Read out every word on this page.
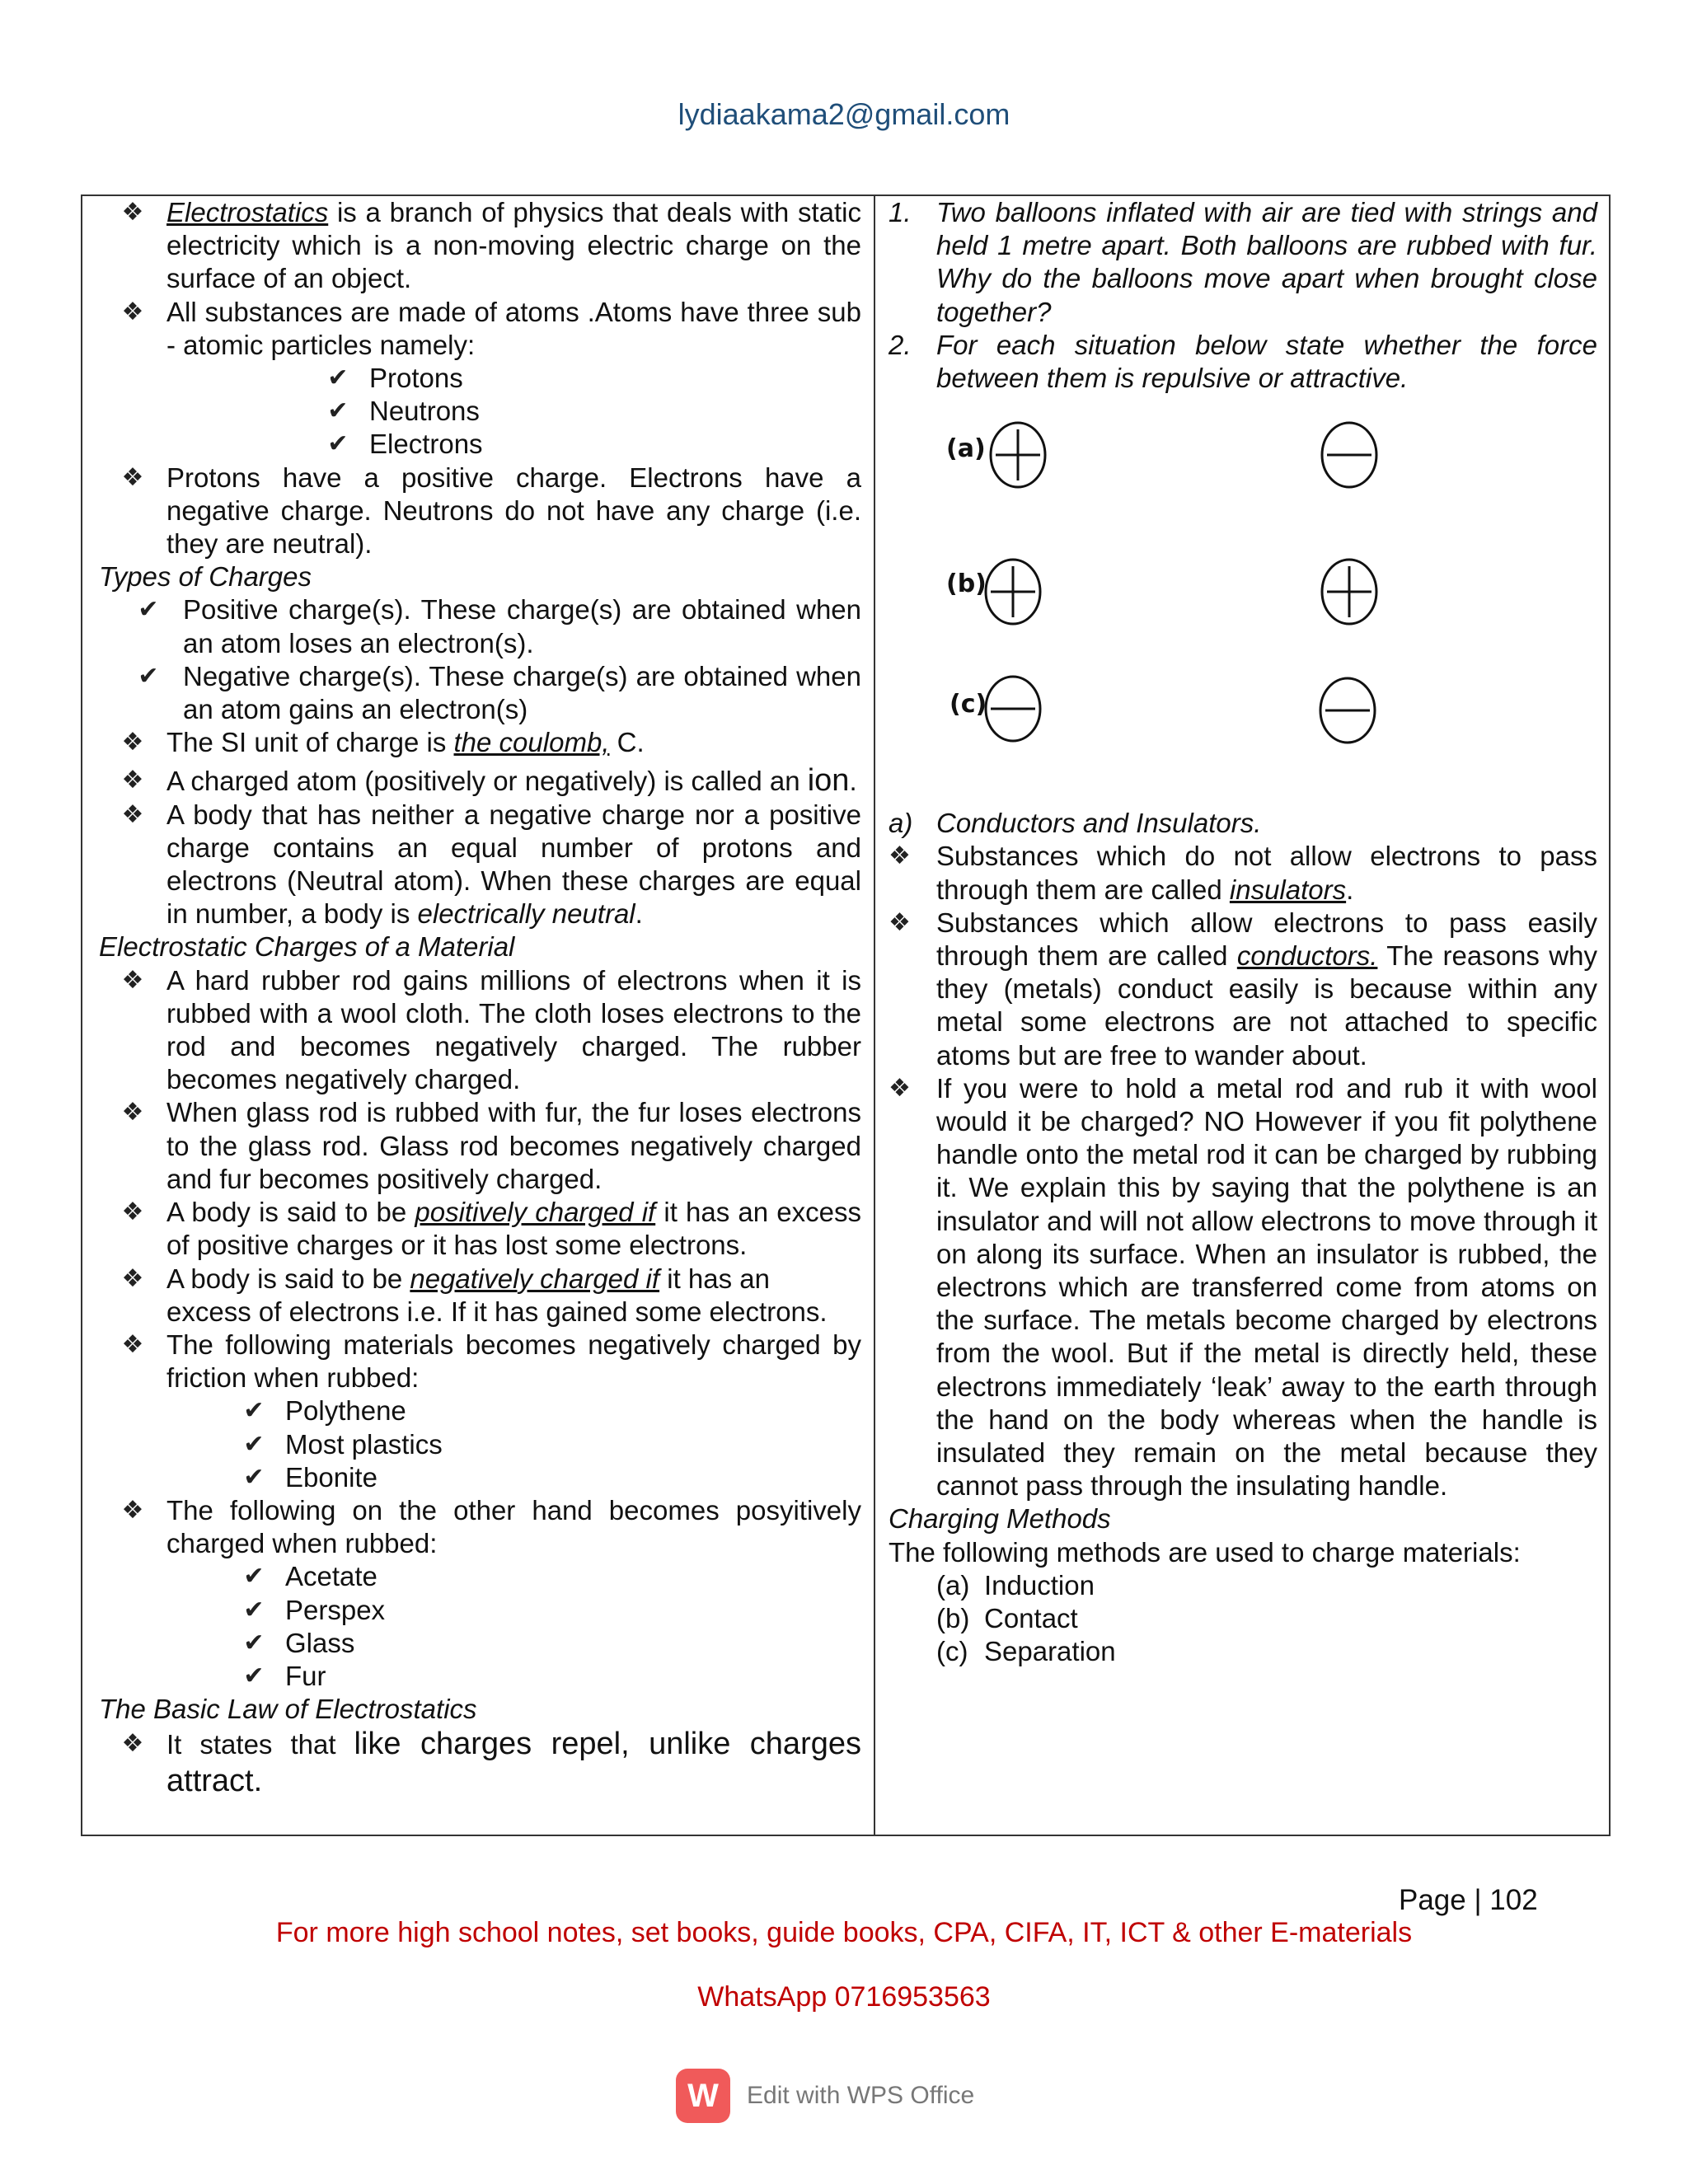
lydiaakama2@gmail.com
❖ Electrostatics is a branch of physics that deals with static electricity which is a non-moving electric charge on the surface of an object.
❖ All substances are made of atoms .Atoms have three sub - atomic particles namely:
✔ Protons
✔ Neutrons
✔ Electrons
❖ Protons have a positive charge. Electrons have a negative charge. Neutrons do not have any charge (i.e. they are neutral).
Types of Charges
✔ Positive charge(s). These charge(s) are obtained when an atom loses an electron(s).
✔ Negative charge(s). These charge(s) are obtained when an atom gains an electron(s)
❖ The SI unit of charge is the coulomb, C.
❖ A charged atom (positively or negatively) is called an ion.
❖ A body that has neither a negative charge nor a positive charge contains an equal number of protons and electrons (Neutral atom). When these charges are equal in number, a body is electrically neutral.
Electrostatic Charges of a Material
❖ A hard rubber rod gains millions of electrons when it is rubbed with a wool cloth. The cloth loses electrons to the rod and becomes negatively charged. The rubber becomes negatively charged.
❖ When glass rod is rubbed with fur, the fur loses electrons to the glass rod. Glass rod becomes negatively charged and fur becomes positively charged.
❖ A body is said to be positively charged if it has an excess of positive charges or it has lost some electrons.
❖ A body is said to be negatively charged if it has an excess of electrons i.e. If it has gained some electrons.
❖ The following materials becomes negatively charged by friction when rubbed:
✔ Polythene
✔ Most plastics
✔ Ebonite
❖ The following on the other hand becomes posyitively charged when rubbed:
✔ Acetate
✔ Perspex
✔ Glass
✔ Fur
The Basic Law of Electrostatics
❖ It states that like charges repel, unlike charges attract.
1. Two balloons inflated with air are tied with strings and held 1 metre apart. Both balloons are rubbed with fur. Why do the balloons move apart when brought close together?
2. For each situation below state whether the force between them is repulsive or attractive.
(a)
(b)
(c)
a) Conductors and Insulators.
❖ Substances which do not allow electrons to pass through them are called insulators.
❖ Substances which allow electrons to pass easily through them are called conductors. The reasons why they (metals) conduct easily is because within any metal some electrons are not attached to specific atoms but are free to wander about.
❖ If you were to hold a metal rod and rub it with wool would it be charged? NO However if you fit polythene handle onto the metal rod it can be charged by rubbing it. We explain this by saying that the polythene is an insulator and will not allow electrons to move through it on along its surface. When an insulator is rubbed, the electrons which are transferred come from atoms on the surface. The metals become charged by electrons from the wool. But if the metal is directly held, these electrons immediately ‘leak’ away to the earth through the hand on the body whereas when the handle is insulated they remain on the metal because they cannot pass through the insulating handle.
Charging Methods
The following methods are used to charge materials:
(a) Induction
(b) Contact
(c) Separation
Page | 102
For more high school notes, set books, guide books, CPA, CIFA, IT, ICT & other E-materials
WhatsApp 0716953563
W	Edit with WPS Office
